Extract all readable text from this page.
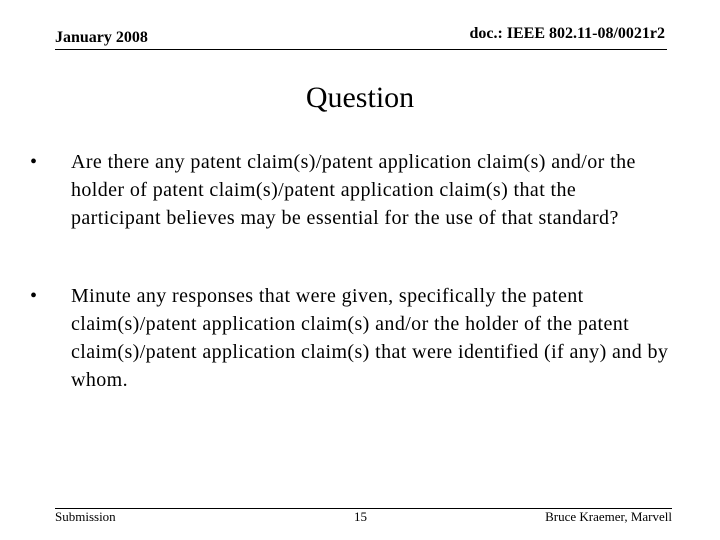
January 2008	doc.: IEEE 802.11-08/0021r2
Question
• Are there any patent claim(s)/patent application claim(s) and/or the holder of patent claim(s)/patent application claim(s) that the participant believes may be essential for the use of that standard?
• Minute any responses that were given, specifically the patent claim(s)/patent application claim(s) and/or the holder of the patent claim(s)/patent application claim(s) that were identified (if any) and by whom.
Submission	15	Bruce Kraemer, Marvell
